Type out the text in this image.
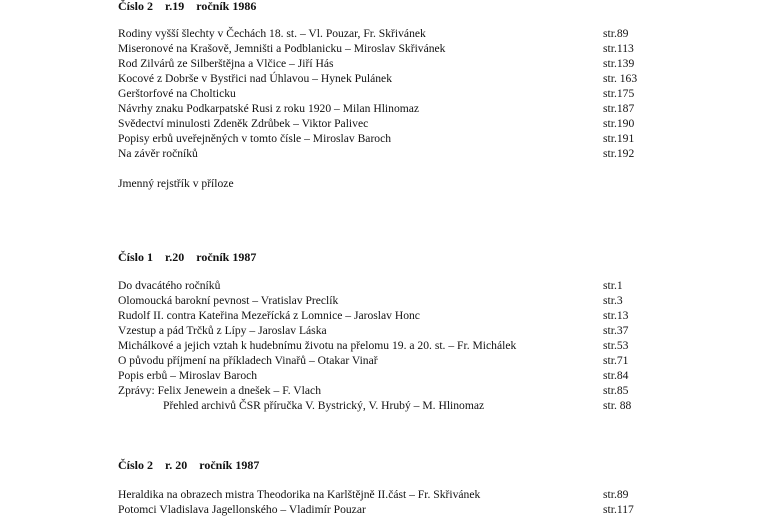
Číslo 2    r.19    ročník 1986
Rodiny vyšší šlechty v Čechách 18. st. – Vl. Pouzar, Fr. Skřivánek	str.89
Miseronové na Krašově, Jemništi a Podblanicku – Miroslav Skřivánek	str.113
Rod Zilvárů ze Silberštějna a Vlčice – Jiří Hás	str.139
Kocové z Dobrše v Bystřici nad Úhlavou – Hynek Pulánek	str. 163
Gerštorfové na Cholticku	str.175
Návrhy znaku Podkarpatské Rusi z roku 1920 – Milan Hlinomaz	str.187
Svědectví minulosti Zdeněk Zdrůbek – Viktor Palivec	str.190
Popisy erbů uveřejněných v tomto čísle – Miroslav Baroch	str.191
Na závěr ročníků	str.192
Jmenný rejstřík v příloze
Číslo 1    r.20    ročník 1987
Do dvacátého ročníků	str.1
Olomoucká barokní pevnost – Vratislav Preclík	str.3
Rudolf II. contra Kateřina Mezeřícká z Lomnice – Jaroslav Honc	str.13
Vzestup a pád Trčků z Lípy – Jaroslav Láska	str.37
Michálkové a jejich vztah k hudebnímu životu na přelomu 19. a 20. st. – Fr. Michálek	str.53
O původu příjmení na příkladech Vinařů – Otakar Vinař	str.71
Popis erbů – Miroslav Baroch	str.84
Zprávy: Felix Jenewein a dnešek – F. Vlach	str.85
Přehled archivů ČSR příručka V. Bystrický, V. Hrubý – M. Hlinomaz	str. 88
Číslo 2    r. 20    ročník 1987
Heraldika na obrazech mistra Theodorika na Karlštějně II.část – Fr. Skřivánek	str.89
Potomci Vladislava Jagellonského – Vladimír Pouzar	str.117
